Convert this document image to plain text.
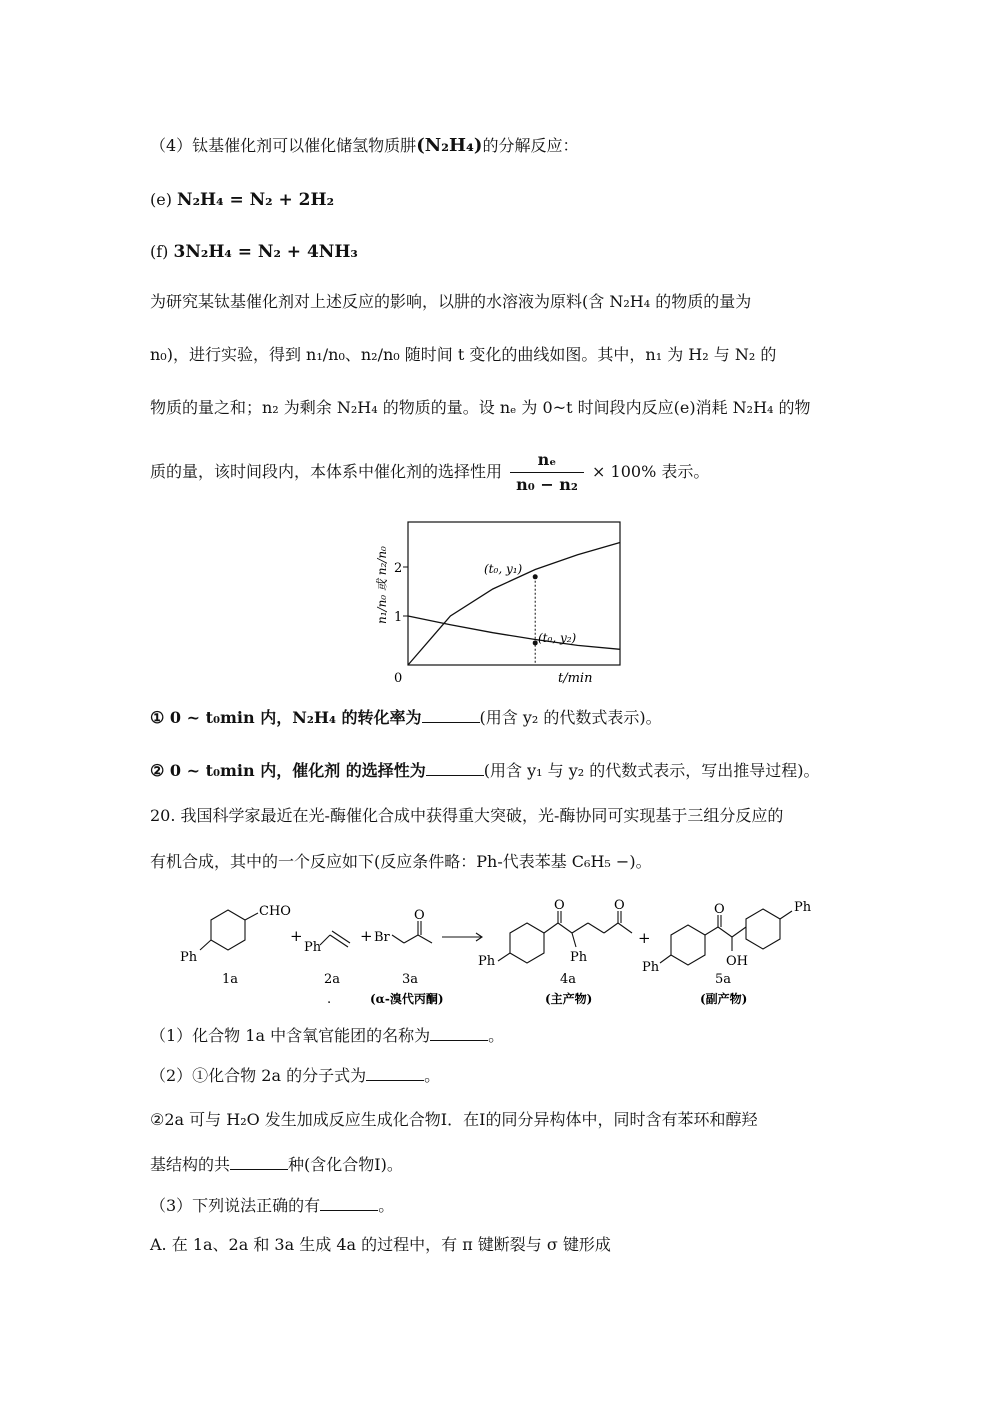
（4）钛基催化剂可以催化储氢物质肼(N₂H₄)的分解反应：
(e) N₂H₄ = N₂ + 2H₂
(f) 3N₂H₄ = N₂ + 4NH₃
为研究某钛基催化剂对上述反应的影响，以肼的水溶液为原料(含 N₂H₄ 的物质的量为
n₀)，进行实验，得到 n₁/n₀、n₂/n₀ 随时间 t 变化的曲线如图。其中，n₁ 为 H₂ 与 N₂ 的
物质的量之和；n₂ 为剩余 N₂H₄ 的物质的量。设 nₑ 为 0~t 时间段内反应(e)消耗 N₂H₄ 的物
质的量，该时间段内，本体系中催化剂的选择性用 $\frac{\text{nₑ}}{\text{n₀ − n₂}} \times 100\%$ 表示。
1
2
0	t/min
n₁/n₀ 或 n₂/n₀	(t₀, y₁)
(t₀, y₂)
① 0 ~ t₀min 内，N₂H₄ 的转化率为	(用含 y₂ 的代数式表示)。
② 0 ~ t₀min 内，催化剂 的选择性为	(用含 y₁ 与 y₂ 的代数式表示，写出推导过程)。
20. 我国科学家最近在光-酶催化合成中获得重大突破，光-酶协同可实现基于三组分反应的
有机合成，其中的一个反应如下(反应条件略：Ph-代表苯基 C₆H₅ −)。
CHO
Ph
+
Ph
+ Br
O
Ph
O	O
Ph
+
Ph
O
OH
Ph
1a	2a	3a	4a	5a
.	(α-溴代丙酮)	(主产物)	(副产物)
（1）化合物 1a 中含氧官能团的名称为	。
（2）①化合物 2a 的分子式为	。
②2a 可与 H₂O 发生加成反应生成化合物Ⅰ．在Ⅰ的同分异构体中，同时含有苯环和醇羟
基结构的共	种(含化合物Ⅰ)。
（3）下列说法正确的有	。
A. 在 1a、2a 和 3a 生成 4a 的过程中，有 π 键断裂与 σ 键形成
